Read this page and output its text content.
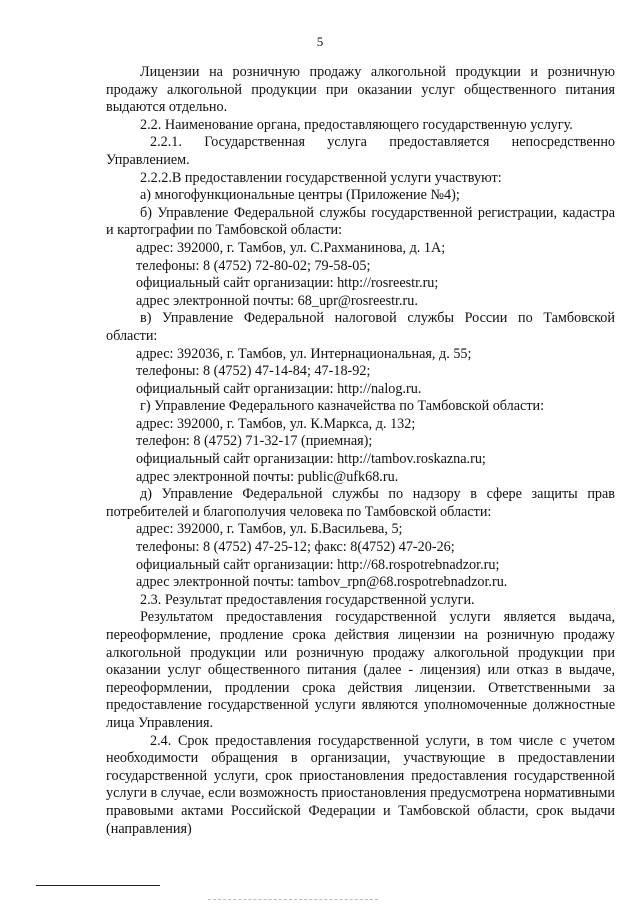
5

Лицензии на розничную продажу алкогольной продукции и розничную продажу алкогольной продукции при оказании услуг общественного питания выдаются отдельно.

2.2. Наименование органа, предоставляющего государственную услугу.

2.2.1. Государственная услуга предоставляется непосредственно Управлением.

2.2.2.В предоставлении государственной услуги участвуют:

а) многофункциональные центры (Приложение №4);

б) Управление Федеральной службы государственной регистрации, кадастра и картографии по Тамбовской области:

адрес: 392000, г. Тамбов, ул. С.Рахманинова, д. 1А;

телефоны: 8 (4752) 72-80-02; 79-58-05;

официальный сайт организации: http://rosreestr.ru;

адрес электронной почты: 68_upr@rosreestr.ru.

в) Управление Федеральной налоговой службы России по Тамбовской области:

адрес: 392036, г. Тамбов, ул. Интернациональная, д. 55;

телефоны: 8 (4752) 47-14-84; 47-18-92;

официальный сайт организации: http://nalog.ru.

г) Управление Федерального казначейства по Тамбовской области:

адрес: 392000, г. Тамбов, ул. К.Маркса, д. 132;

телефон: 8 (4752) 71-32-17 (приемная);

официальный сайт организации: http://tambov.roskazna.ru;

адрес электронной почты: public@ufk68.ru.

д) Управление Федеральной службы по надзору в сфере защиты прав потребителей и благополучия человека по Тамбовской области:

адрес: 392000, г. Тамбов, ул. Б.Васильева, 5;

телефоны: 8 (4752) 47-25-12; факс: 8(4752) 47-20-26;

официальный сайт организации: http://68.rospotrebnadzor.ru;

адрес электронной почты: tambov_rpn@68.rospotrebnadzor.ru.

2.3. Результат предоставления государственной услуги.

Результатом предоставления государственной услуги является выдача, переоформление, продление срока действия лицензии на розничную продажу алкогольной продукции или розничную продажу алкогольной продукции при оказании услуг общественного питания (далее - лицензия) или отказ в выдаче, переоформлении, продлении срока действия лицензии. Ответственными за предоставление государственной услуги являются уполномоченные должностные лица Управления.

2.4. Срок предоставления государственной услуги, в том числе с учетом необходимости обращения в организации, участвующие в предоставлении государственной услуги, срок приостановления предоставления государственной услуги в случае, если возможность приостановления предусмотрена нормативными правовыми актами Российской Федерации и Тамбовской области, срок выдачи (направления)
